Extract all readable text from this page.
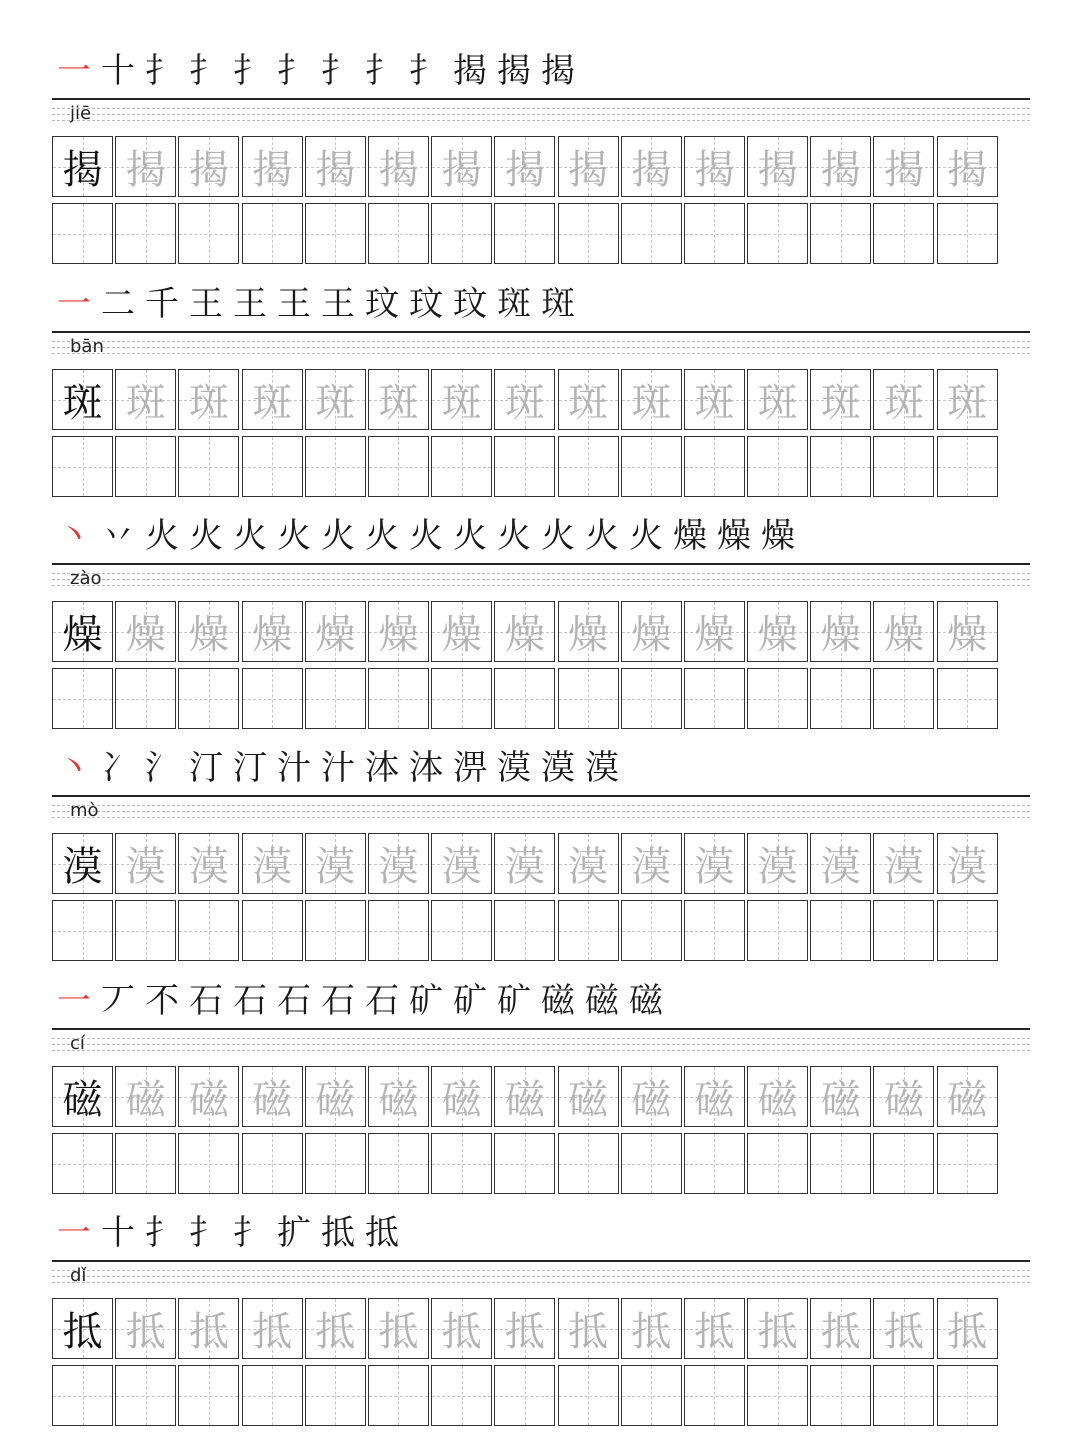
一 十 扌 扌 扌 扌 扌 扌 扌 揭 揭 揭
jiē
揭 揭 揭 揭 揭 揭 揭 揭 揭 揭 揭 揭 揭 揭 揭
一 二 千 王 王 王 王 玟 玟 玟 斑 斑
bān
斑 斑 斑 斑 斑 斑 斑 斑 斑 斑 斑 斑 斑 斑 斑
丶 丷 火 火 火 火 火 火 火 火 火 火 火 火 燥 燥 燥
zào
燥 燥 燥 燥 燥 燥 燥 燥 燥 燥 燥 燥 燥 燥 燥
丶 冫 氵 汀 汀 汁 汁 泍 泍 淠 漠 漠 漠
mò
漠 漠 漠 漠 漠 漠 漠 漠 漠 漠 漠 漠 漠 漠 漠
一 丆 不 石 石 石 石 石 矿 矿 矿 磁 磁 磁
cí
磁 磁 磁 磁 磁 磁 磁 磁 磁 磁 磁 磁 磁 磁 磁
一 十 扌 扌 扌 扩 抵 抵
dǐ
抵 抵 抵 抵 抵 抵 抵 抵 抵 抵 抵 抵 抵 抵 抵
